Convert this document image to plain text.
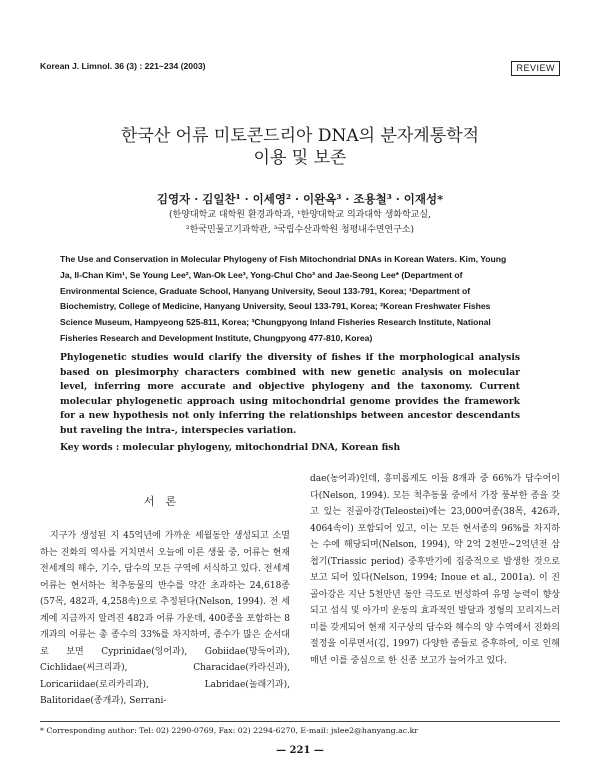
Korean J. Limnol. 36 (3) : 221~234 (2003)	REVIEW
한국산 어류 미토콘드리아 DNA의 분자계통학적
이용 및 보존
김영자 · 김일찬¹ · 이세영² · 이완옥³ · 조용철³ · 이재성*
(한양대학교 대학원 환경과학과, ¹한양대학교 의과대학 생화학교실,
²한국민물고기과학관, ³국립수산과학원 청평내수면연구소)
The Use and Conservation in Molecular Phylogeny of Fish Mitochondrial DNAs in Korean Waters. Kim, Young Ja, Il-Chan Kim¹, Se Young Lee², Wan-Ok Lee³, Yong-Chul Cho³ and Jae-Seong Lee* (Department of Environmental Science, Graduate School, Hanyang University, Seoul 133-791, Korea; ¹Department of Biochemistry, College of Medicine, Hanyang University, Seoul 133-791, Korea; ²Korean Freshwater Fishes Science Museum, Hampyeong 525-811, Korea; ³Chungpyong Inland Fisheries Research Institute, National Fisheries Research and Development Institute, Chungpyong 477-810, Korea)
Phylogenetic studies would clarify the diversity of fishes if the morphological analysis based on plesimorphy characters combined with new genetic analysis on molecular level, inferring more accurate and objective phylogeny and the taxonomy. Current molecular phylogenetic approach using mitochondrial genome provides the framework for a new hypothesis not only inferring the relationships between ancestor descendants but raveling the intra-, interspecies variation.
Key words : molecular phylogeny, mitochondrial DNA, Korean fish
서　론
지구가 생성된 지 45억년에 가까운 세월동안 생성되고 소멸하는 진화의 역사를 거치면서 오늘에 이른 생물 중, 어류는 현재 전세계의 해수, 기수, 담수의 모든 구역에 서식하고 있다. 전세계 어류는 현서하는 척추동물의 반수를 약간 초과하는 24,618종(57목, 482과, 4,258속)으로 추정된다(Nelson, 1994). 전 세계에 지금까지 알려진 482과 어류 가운데, 400종을 포함하는 8개과의 어류는 총 종수의 33%를 차지하며, 종수가 많은 순서대로 보면 Cyprinidae(잉어과), Gobiidae(망둑어과), Cichlidae(씨크리과), Characidae(카라신과), Loricariidae(로리카리과), Labridae(놀래기과), Balitoridae(종개과), Serrani-
dae(농어과)인데, 흥미롭게도 이들 8개과 중 66%가 담수어이다(Nelson, 1994). 모든 척추동물 중에서 가장 풍부한 종을 갖고 있는 진골아강(Teleostei)에는 23,000여종(38목, 426과, 4064속이) 포함되어 있고, 이는 모든 현서종의 96%를 차지하는 수에 해당되며(Nelson, 1994), 약 2억 2천만~2억년전 삼첩기(Triassic period) 중후반기에 집중적으로 발생한 것으로 보고 되어 있다(Nelson, 1994; Inoue et al., 2001a). 이 진골아강은 지난 5천만년 동안 극도로 번성하여 유영 능력이 향상되고 섭식 및 아가미 운동의 효과적인 발달과 정형의 꼬리지느러미를 갖게되어 현재 지구상의 담수와 해수의 양 수역에서 진화의 절정을 이루면서(김, 1997) 다양한 종들로 증후하여, 이로 인해 매년 이를 중심으로 한 신종 보고가 늘어가고 있다.
* Corresponding author: Tel: 02) 2290-0769, Fax: 02) 2294-6270, E-mail: jslee2@hanyang.ac.kr
— 221 —
